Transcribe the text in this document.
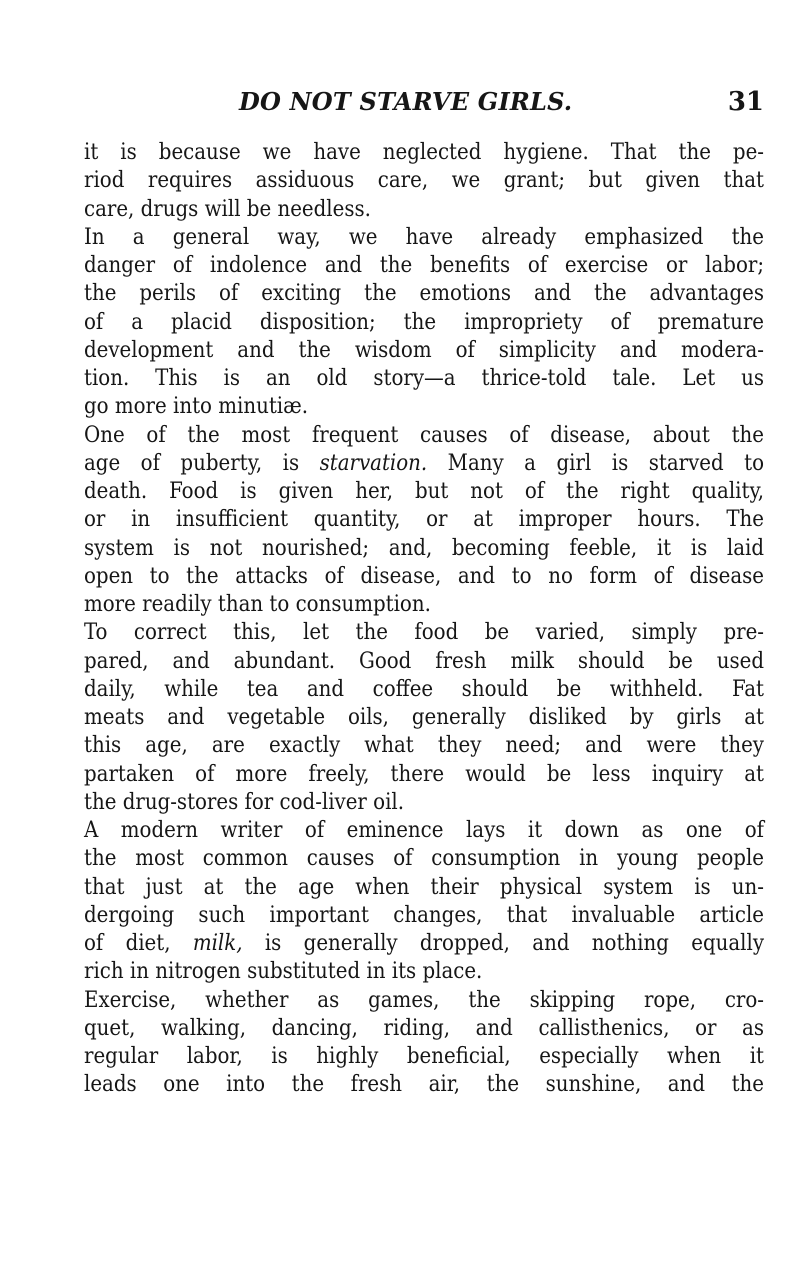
DO NOT STARVE GIRLS.	31
it is because we have neglected hygiene. That the pe-
riod requires assiduous care, we grant; but given that
care, drugs will be needless.
In a general way, we have already emphasized the
danger of indolence and the benefits of exercise or labor;
the perils of exciting the emotions and the advantages
of a placid disposition; the impropriety of premature
development and the wisdom of simplicity and modera-
tion. This is an old story—a thrice-told tale. Let us
go more into minutiæ.
One of the most frequent causes of disease, about the
age of puberty, is starvation. Many a girl is starved to
death. Food is given her, but not of the right quality,
or in insufficient quantity, or at improper hours. The
system is not nourished; and, becoming feeble, it is laid
open to the attacks of disease, and to no form of disease
more readily than to consumption.
To correct this, let the food be varied, simply pre-
pared, and abundant. Good fresh milk should be used
daily, while tea and coffee should be withheld. Fat
meats and vegetable oils, generally disliked by girls at
this age, are exactly what they need; and were they
partaken of more freely, there would be less inquiry at
the drug-stores for cod-liver oil.
A modern writer of eminence lays it down as one of
the most common causes of consumption in young people
that just at the age when their physical system is un-
dergoing such important changes, that invaluable article
of diet, milk, is generally dropped, and nothing equally
rich in nitrogen substituted in its place.
Exercise, whether as games, the skipping rope, cro-
quet, walking, dancing, riding, and callisthenics, or as
regular labor, is highly beneficial, especially when it
leads one into the fresh air, the sunshine, and the
